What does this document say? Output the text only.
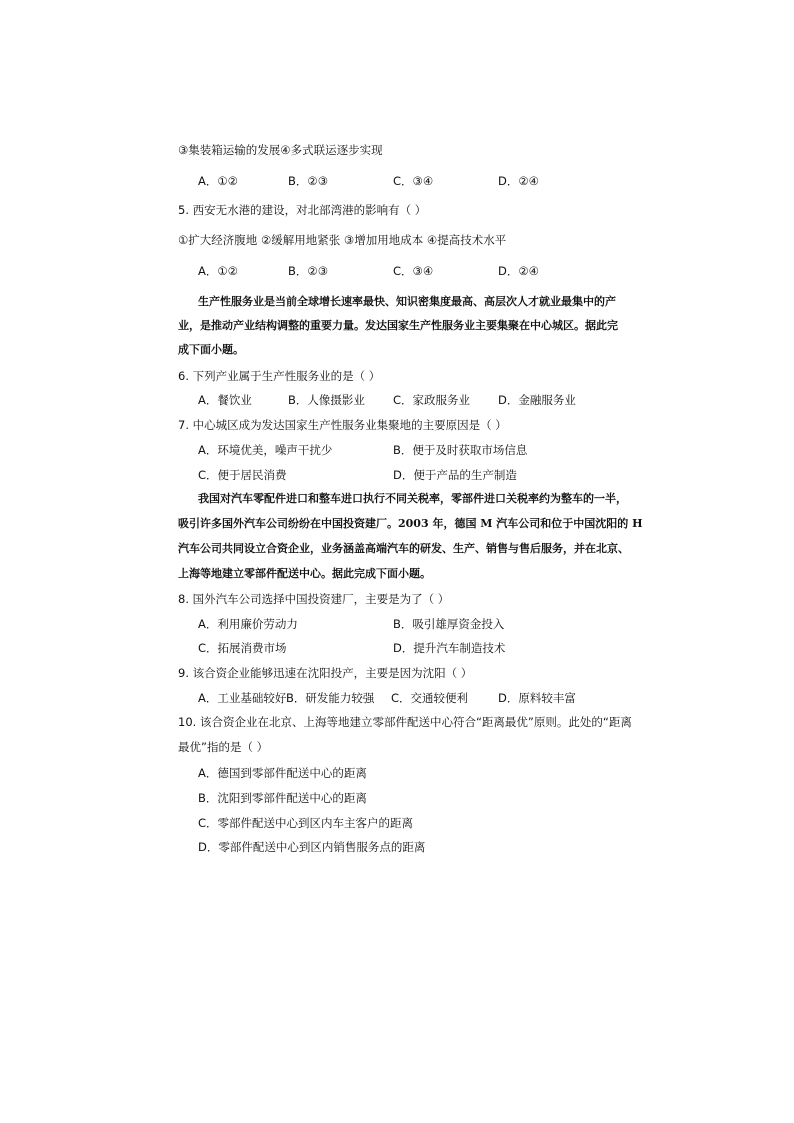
③集装箱运输的发展④多式联运逐步实现
A．①②	B．②③	C．③④	D．②④
5. 西安无水港的建设，对北部湾港的影响有（ ）
①扩大经济腹地 ②缓解用地紧张 ③增加用地成本 ④提高技术水平
A．①②	B．②③	C．③④	D．②④
生产性服务业是当前全球增长速率最快、知识密集度最高、高层次人才就业最集中的产
业，是推动产业结构调整的重要力量。发达国家生产性服务业主要集聚在中心城区。据此完
成下面小题。
6. 下列产业属于生产性服务业的是（ ）
A．餐饮业	B．人像摄影业 C．家政服务业 D．金融服务业
7. 中心城区成为发达国家生产性服务业集聚地的主要原因是（ ）
A．环境优美，噪声干扰少	B．便于及时获取市场信息
C．便于居民消费	D．便于产品的生产制造
我国对汽车零配件进口和整车进口执行不同关税率，零部件进口关税率约为整车的一半，
吸引许多国外汽车公司纷纷在中国投资建厂。2003 年，德国 M 汽车公司和位于中国沈阳的 H
汽车公司共同设立合资企业，业务涵盖高端汽车的研发、生产、销售与售后服务，并在北京、
上海等地建立零部件配送中心。据此完成下面小题。
8. 国外汽车公司选择中国投资建厂，主要是为了（ ）
A．利用廉价劳动力	B．吸引雄厚资金投入
C．拓展消费市场	D．提升汽车制造技术
9. 该合资企业能够迅速在沈阳投产，主要是因为沈阳（ ）
A．工业基础较好 B．研发能力较强 C．交通较便利	D．原料较丰富
10. 该合资企业在北京、上海等地建立零部件配送中心符合“距离最优”原则。此处的“距离
最优”指的是（ ）
A．德国到零部件配送中心的距离
B．沈阳到零部件配送中心的距离
C．零部件配送中心到区内车主客户的距离
D．零部件配送中心到区内销售服务点的距离
